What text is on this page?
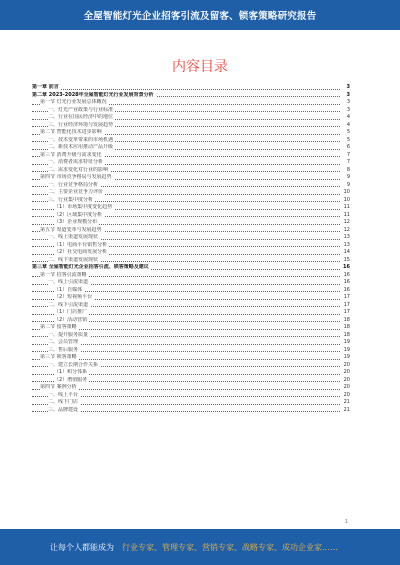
全屋智能灯光企业招客引流及留客、锁客策略研究报告
内容目录
第一章 前言	3
第二章 2023-2028年全屋智能灯光行业发展背景分析	3
第一节 灯光行业发展总体概况	3
一、灯光产业政策与行业标准	3
二、行业在国民经济中的地位	4
三、行业经济环境与发展趋势	4
第二节 智能化技术进步影响	5
一、技术变革带来的市场机遇	5
二、新技术应用推动产品升级	6
第三节 消费升级与需求变化	7
一、消费者需求特征分析	7
二、需求变化对行业的影响	8
第四节 市场竞争格局与发展趋势	9
一、行业竞争格局分析	9
二、主要企业竞争力评价	10
三、行业集中度分析	10
（1）市场集中度变化趋势	11
（2）区域集中度分析	11
（3）企业规模分布	12
第五节 渠道变革与发展趋势	12
一、线上渠道发展现状	13
（1）电商平台销售分析	13
（2）社交电商发展分析	14
二、线下渠道发展现状	15
第三章 全屋智能灯光企业招客引流、锁客策略及建议	16
第一节 招客引流策略	16
一、线上引流渠道	16
（1）自媒体	16
（2）短视频平台	17
二、线下引流渠道	17
（1）门店推广	17
（2）活动营销	18
第二节 留客策略	18
一、提升服务质量	18
二、会员管理	19
三、售后服务	19
第三节 锁客策略	19
一、建立长期合作关系	20
（1）积分体系	20
（2）增值服务	20
第四节 案例分析	20
一、线上平台	20
二、线下门店	21
三、品牌建设	21
1
让每个人都能成为 行业专家、管理专家、营销专家、战略专家、成功企业家……
